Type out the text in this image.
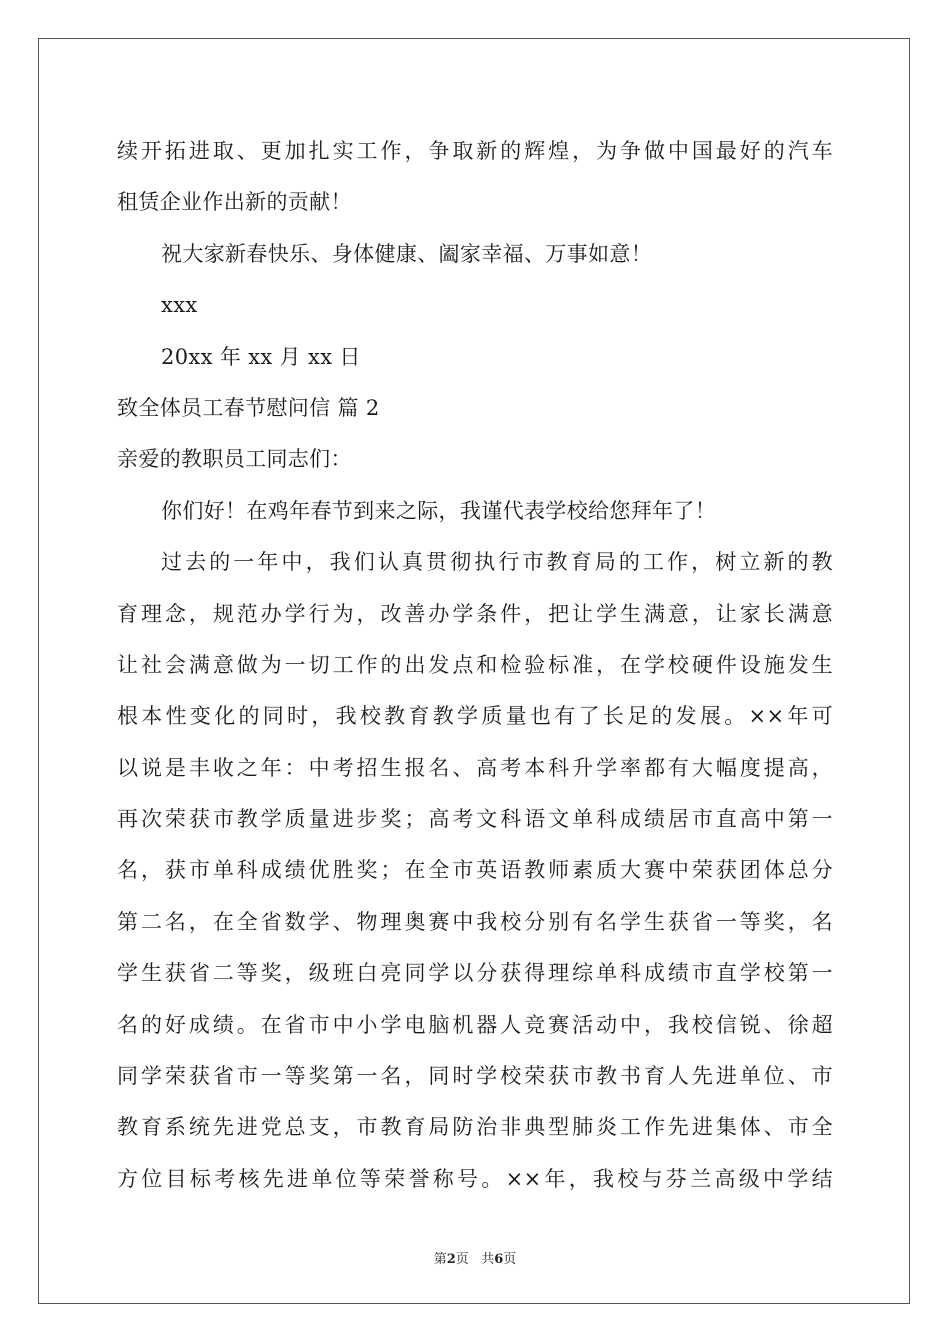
续开拓进取、更加扎实工作，争取新的辉煌，为争做中国最好的汽车
租赁企业作出新的贡献！
祝大家新春快乐、身体健康、阖家幸福、万事如意！
xxx
20xx 年 xx 月 xx 日
致全体员工春节慰问信 篇 2
亲爱的教职员工同志们：
你们好！在鸡年春节到来之际，我谨代表学校给您拜年了！
过去的一年中，我们认真贯彻执行市教育局的工作，树立新的教
育理念，规范办学行为，改善办学条件，把让学生满意，让家长满意
让社会满意做为一切工作的出发点和检验标准，在学校硬件设施发生
根本性变化的同时，我校教育教学质量也有了长足的发展。××年可
以说是丰收之年：中考招生报名、高考本科升学率都有大幅度提高，
再次荣获市教学质量进步奖；高考文科语文单科成绩居市直高中第一
名，获市单科成绩优胜奖；在全市英语教师素质大赛中荣获团体总分
第二名，在全省数学、物理奥赛中我校分别有名学生获省一等奖，名
学生获省二等奖，级班白亮同学以分获得理综单科成绩市直学校第一
名的好成绩。在省市中小学电脑机器人竞赛活动中，我校信锐、徐超
同学荣获省市一等奖第一名，同时学校荣获市教书育人先进单位、市
教育系统先进党总支，市教育局防治非典型肺炎工作先进集体、市全
方位目标考核先进单位等荣誉称号。××年，我校与芬兰高级中学结
第2页 共6页
